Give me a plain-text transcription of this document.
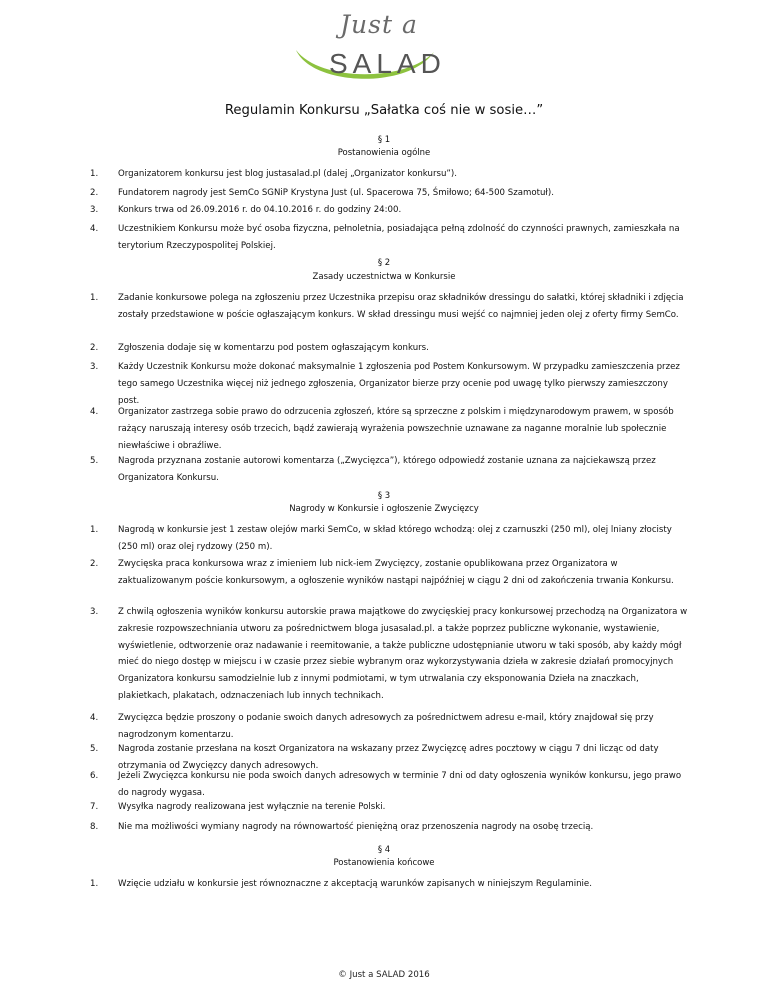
Just a
SALAD
Regulamin Konkursu „Sałatka coś nie w sosie…”
§ 1
Postanowienia ogólne
1.	Organizatorem konkursu jest blog justasalad.pl (dalej „Organizator konkursu”).
2.	Fundatorem nagrody jest SemCo SGNiP Krystyna Just (ul. Spacerowa 75, Śmiłowo; 64-500 Szamotuł).
3.	Konkurs trwa od 26.09.2016 r. do 04.10.2016 r. do godziny 24:00.
4.	Uczestnikiem Konkursu może być osoba fizyczna, pełnoletnia, posiadająca pełną zdolność do czynności prawnych, zamieszkała na terytorium Rzeczypospolitej Polskiej.
§ 2
Zasady uczestnictwa w Konkursie
1.	Zadanie konkursowe polega na zgłoszeniu przez Uczestnika przepisu oraz składników dressingu do sałatki, której składniki i zdjęcia zostały przedstawione w poście ogłaszającym konkurs. W skład dressingu musi wejść co najmniej jeden olej z oferty firmy SemCo.
2.	Zgłoszenia dodaje się w komentarzu pod postem ogłaszającym konkurs.
3.	Każdy Uczestnik Konkursu może dokonać maksymalnie 1 zgłoszenia pod Postem Konkursowym. W przypadku zamieszczenia przez tego samego Uczestnika więcej niż jednego zgłoszenia, Organizator bierze przy ocenie pod uwagę tylko pierwszy zamieszczony post.
4.	Organizator zastrzega sobie prawo do odrzucenia zgłoszeń, które są sprzeczne z polskim i międzynarodowym prawem, w sposób rażący naruszają interesy osób trzecich, bądź zawierają wyrażenia powszechnie uznawane za naganne moralnie lub społecznie niewłaściwe i obraźliwe.
5.	Nagroda przyznana zostanie autorowi komentarza („Zwycięzca”), którego odpowiedź zostanie uznana za najciekawszą przez Organizatora Konkursu.
§ 3
Nagrody w Konkursie i ogłoszenie Zwycięzcy
1.	Nagrodą w konkursie jest 1 zestaw olejów marki SemCo, w skład którego wchodzą: olej z czarnuszki (250 ml), olej lniany złocisty (250 ml) oraz olej rydzowy (250 m).
2.	Zwycięska praca konkursowa wraz z imieniem lub nick-iem Zwycięzcy, zostanie opublikowana przez Organizatora w zaktualizowanym poście konkursowym, a ogłoszenie wyników nastąpi najpóźniej w ciągu 2 dni od zakończenia trwania Konkursu.
3.	Z chwilą ogłoszenia wyników konkursu autorskie prawa majątkowe do zwycięskiej pracy konkursowej przechodzą na Organizatora w zakresie rozpowszechniania utworu za pośrednictwem bloga jusasalad.pl. a także poprzez publiczne wykonanie, wystawienie, wyświetlenie, odtworzenie oraz nadawanie i reemitowanie, a także publiczne udostępnianie utworu w taki sposób, aby każdy mógł mieć do niego dostęp w miejscu i w czasie przez siebie wybranym oraz wykorzystywania dzieła w zakresie działań promocyjnych Organizatora konkursu samodzielnie lub z innymi podmiotami, w tym utrwalania czy eksponowania Dzieła na znaczkach, plakietkach, plakatach, odznaczeniach lub innych technikach.
4.	Zwycięzca będzie proszony o podanie swoich danych adresowych za pośrednictwem adresu e-mail, który znajdował się przy nagrodzonym komentarzu.
5.	Nagroda zostanie przesłana na koszt Organizatora na wskazany przez Zwycięzcę adres pocztowy w ciągu 7 dni licząc od daty otrzymania od Zwycięzcy danych adresowych.
6.	Jeżeli Zwycięzca konkursu nie poda swoich danych adresowych w terminie 7 dni od daty ogłoszenia wyników konkursu, jego prawo do nagrody wygasa.
7.	Wysyłka nagrody realizowana jest wyłącznie na terenie Polski.
8.	Nie ma możliwości wymiany nagrody na równowartość pieniężną oraz przenoszenia nagrody na osobę trzecią.
§ 4
Postanowienia końcowe
1.	Wzięcie udziału w konkursie jest równoznaczne z akceptacją warunków zapisanych w niniejszym Regulaminie.
© Just a SALAD 2016
